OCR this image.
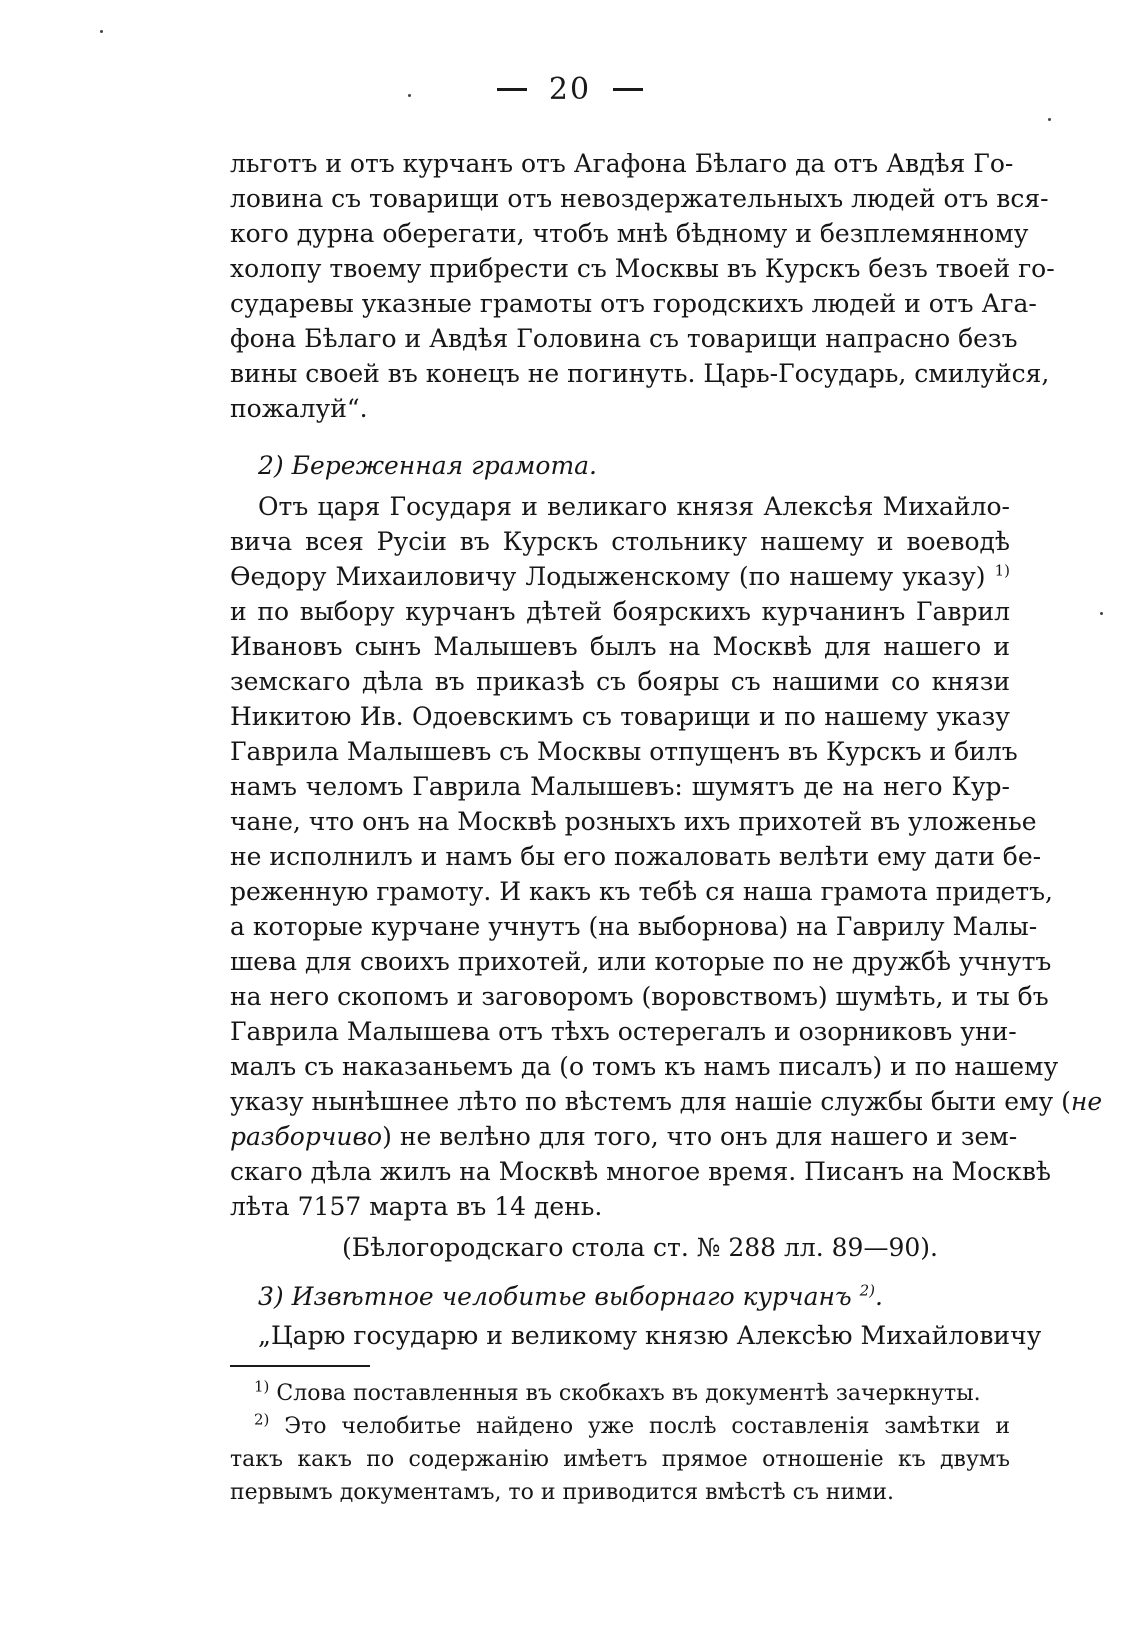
20
льготъ и отъ курчанъ отъ Агафона Бѣлаго да отъ Авдѣя Го-
ловина съ товарищи отъ невоздержательныхъ людей отъ вся-
кого дурна оберегати, чтобъ мнѣ бѣдному и безплемянному
холопу твоему прибрести съ Москвы въ Курскъ безъ твоей го-
сударевы указные грамоты отъ городскихъ людей и отъ Ага-
фона Бѣлаго и Авдѣя Головина съ товарищи напрасно безъ
вины своей въ конецъ не погинуть. Царь-Государь, смилуйся,
пожалуй“.
2) Береженная грамота.
Отъ царя Государя и великаго князя Алексѣя Михайло-
вича всея Русіи въ Курскъ стольнику нашему и воеводѣ
Ѳедору Михаиловичу Лодыженскому (по нашему указу) $^{1)}$
и по выбору курчанъ дѣтей боярскихъ курчанинъ Гаврил
Ивановъ сынъ Малышевъ былъ на Москвѣ для нашего и
земскаго дѣла въ приказѣ съ бояры съ нашими со князи
Никитою Ив. Одоевскимъ съ товарищи и по нашему указу
Гаврила Малышевъ съ Москвы отпущенъ въ Курскъ и билъ
намъ челомъ Гаврила Малышевъ: шумятъ де на него Кур-
чане, что онъ на Москвѣ розныхъ ихъ прихотей въ уложенье
не исполнилъ и намъ бы его пожаловать велѣти ему дати бе-
реженную грамоту. И какъ къ тебѣ ся наша грамота придетъ,
а которые курчане учнутъ (на выборнова) на Гаврилу Малы-
шева для своихъ прихотей, или которые по не дружбѣ учнутъ
на него скопомъ и заговоромъ (воровствомъ) шумѣть, и ты бъ
Гаврила Малышева отъ тѣхъ остерегалъ и озорниковъ уни-
малъ съ наказаньемъ да (о томъ къ намъ писалъ) и по нашему
указу нынѣшнее лѣто по вѣстемъ для нашіе службы быти ему (не
разборчиво) не велѣно для того, что онъ для нашего и зем-
скаго дѣла жилъ на Москвѣ многое время. Писанъ на Москвѣ
лѣта 7157 марта въ 14 день.
(Бѣлогородскаго стола ст. № 288 лл. 89—90).
3) Извѣтное челобитье выборнаго курчанъ $^{2)}$.
„Царю государю и великому князю Алексѣю Михайловичу
$^{1)}$ Слова поставленныя въ скобкахъ въ документѣ зачеркнуты.
$^{2)}$ Это челобитье найдено уже послѣ составленія замѣтки и
такъ какъ по содержанію имѣетъ прямое отношеніе къ двумъ
первымъ документамъ, то и приводится вмѣстѣ съ ними.
